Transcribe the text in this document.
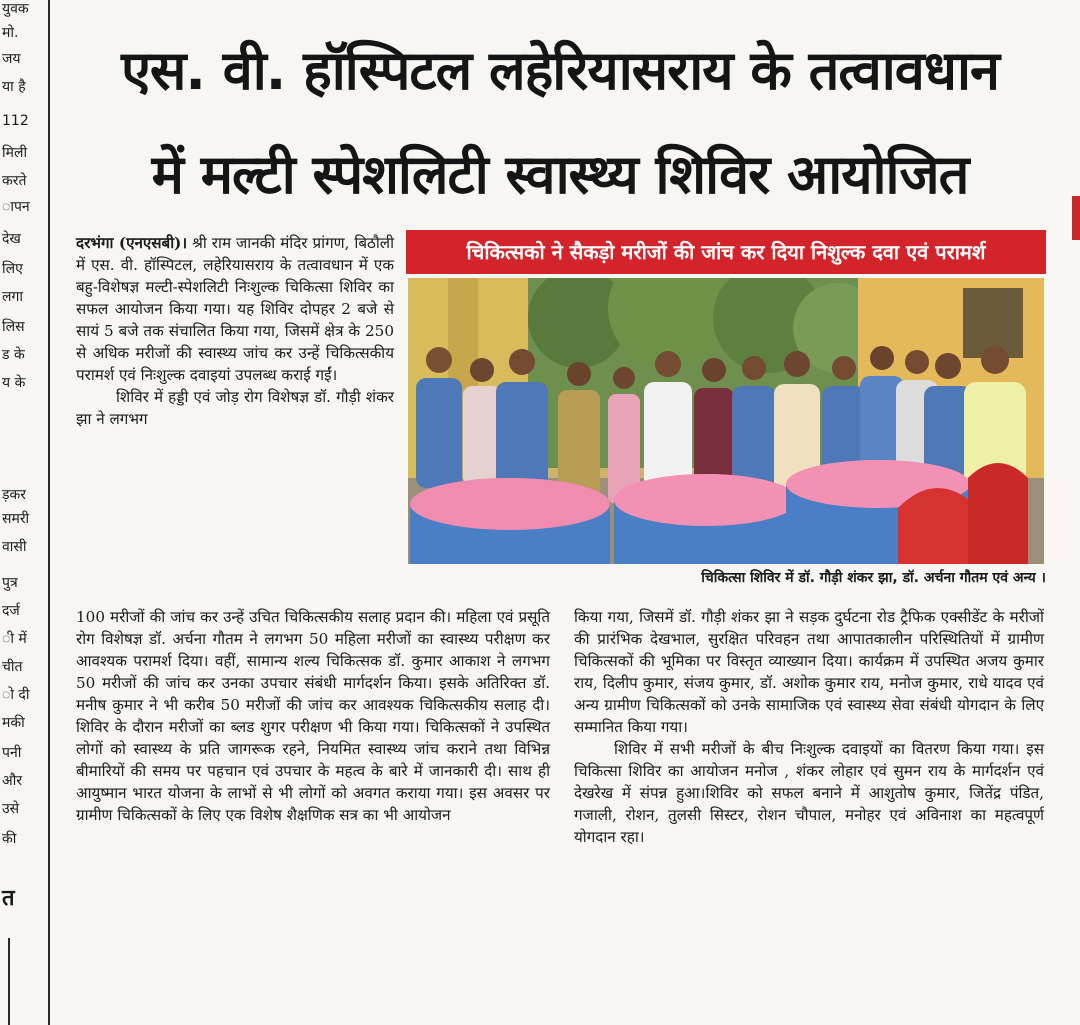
युवक
मो.
जय
या है
112
मिली
करते
ापन
देख
लिए
लगा
लिस
ड के
य के
ड़कर
समरी
वासी
पुत्र
दर्ज
ी में
चीत
ो दी
मकी
पनी
और
उसे
की
त
एस. वी. हॉस्पिटल लहेरियासराय के तत्वावधान
में मल्टी स्पेशलिटी स्वास्थ्य शिविर आयोजित

दरभंगा (एनएसबी)। श्री राम जानकी मंदिर प्रांगण, बिठौली में एस. वी. हॉस्पिटल, लहेरियासराय के तत्वावधान में एक बहु-विशेषज्ञ मल्टी-स्पेशलिटी निःशुल्क चिकित्सा शिविर का सफल आयोजन किया गया। यह शिविर दोपहर 2 बजे से सायं 5 बजे तक संचालित किया गया, जिसमें क्षेत्र के 250 से अधिक मरीजों की स्वास्थ्य जांच कर उन्हें चिकित्सकीय परामर्श एवं निःशुल्क दवाइयां उपलब्ध कराई गईं।

शिविर में हड्डी एवं जोड़ रोग विशेषज्ञ डॉ. गौड़ी शंकर झा ने लगभग

चिकित्सको ने सैकड़ो मरीजों की जांच कर दिया निशुल्क दवा एवं परामर्श
चिकित्सा शिविर में डॉ. गौड़ी शंकर झा, डॉ. अर्चना गौतम एवं अन्य ।

100 मरीजों की जांच कर उन्हें उचित चिकित्सकीय सलाह प्रदान की। महिला एवं प्रसूति रोग विशेषज्ञ डॉ. अर्चना गौतम ने लगभग 50 महिला मरीजों का स्वास्थ्य परीक्षण कर आवश्यक परामर्श दिया। वहीं, सामान्य शल्य चिकित्सक डॉ. कुमार आकाश ने लगभग 50 मरीजों की जांच कर उनका उपचार संबंधी मार्गदर्शन किया। इसके अतिरिक्त डॉ. मनीष कुमार ने भी करीब 50 मरीजों की जांच कर आवश्यक चिकित्सकीय सलाह दी।शिविर के दौरान मरीजों का ब्लड शुगर परीक्षण भी किया गया। चिकित्सकों ने उपस्थित लोगों को स्वास्थ्य के प्रति जागरूक रहने, नियमित स्वास्थ्य जांच कराने तथा विभिन्न बीमारियों की समय पर पहचान एवं उपचार के महत्व के बारे में जानकारी दी। साथ ही आयुष्मान भारत योजना के लाभों से भी लोगों को अवगत कराया गया। इस अवसर पर ग्रामीण चिकित्सकों के लिए एक विशेष शैक्षणिक सत्र का भी आयोजन

किया गया, जिसमें डॉ. गौड़ी शंकर झा ने सड़क दुर्घटना रोड ट्रैफिक एक्सीडेंट के मरीजों की प्रारंभिक देखभाल, सुरक्षित परिवहन तथा आपातकालीन परिस्थितियों में ग्रामीण चिकित्सकों की भूमिका पर विस्तृत व्याख्यान दिया। कार्यक्रम में उपस्थित अजय कुमार राय, दिलीप कुमार, संजय कुमार, डॉ. अशोक कुमार राय, मनोज कुमार, राधे यादव एवं अन्य ग्रामीण चिकित्सकों को उनके सामाजिक एवं स्वास्थ्य सेवा संबंधी योगदान के लिए सम्मानित किया गया।

शिविर में सभी मरीजों के बीच निःशुल्क दवाइयों का वितरण किया गया। इस चिकित्सा शिविर का आयोजन मनोज , शंकर लोहार एवं सुमन राय के मार्गदर्शन एवं देखरेख में संपन्न हुआ।शिविर को सफल बनाने में आशुतोष कुमार, जितेंद्र पंडित, गजाली, रोशन, तुलसी सिस्टर, रोशन चौपाल, मनोहर एवं अविनाश का महत्वपूर्ण योगदान रहा।
